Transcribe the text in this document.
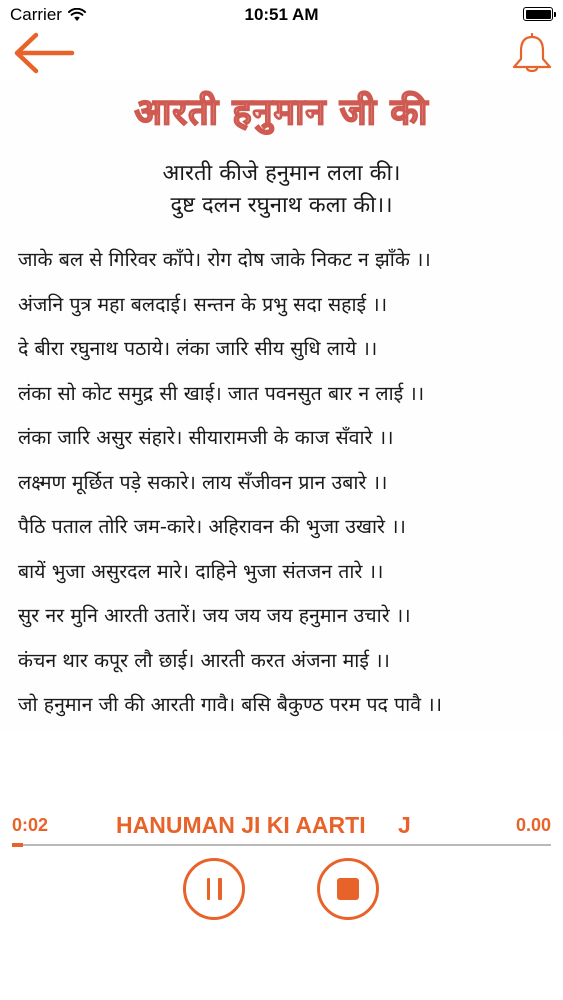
Carrier	10:51 AM
आरती हनुमान जी की
आरती कीजे हनुमान लला की।
दुष्ट दलन रघुनाथ कला की।।
जाके बल से गिरिवर काँपे। रोग दोष जाके निकट न झाँके ।।
अंजनि पुत्र महा बलदाई। सन्तन के प्रभु सदा सहाई ।।
दे बीरा रघुनाथ पठाये। लंका जारि सीय सुधि लाये ।।
लंका सो कोट समुद्र सी खाई। जात पवनसुत बार न लाई ।।
लंका जारि असुर संहारे। सीयारामजी के काज सँवारे ।।
लक्ष्मण मूर्छित पड़े सकारे। लाय सँजीवन प्रान उबारे ।।
पैठि पताल तोरि जम-कारे। अहिरावन की भुजा उखारे ।।
बायें भुजा असुरदल मारे। दाहिने भुजा संतजन तारे ।।
सुर नर मुनि आरती उतारें। जय जय जय हनुमान उचारे ।।
कंचन थार कपूर लौ छाई। आरती करत अंजना माई ।।
जो हनुमान जी की आरती गावै। बसि बैकुण्ठ परम पद पावै ।।
0:02	HANUMAN JI KI AARTI J	0.00
